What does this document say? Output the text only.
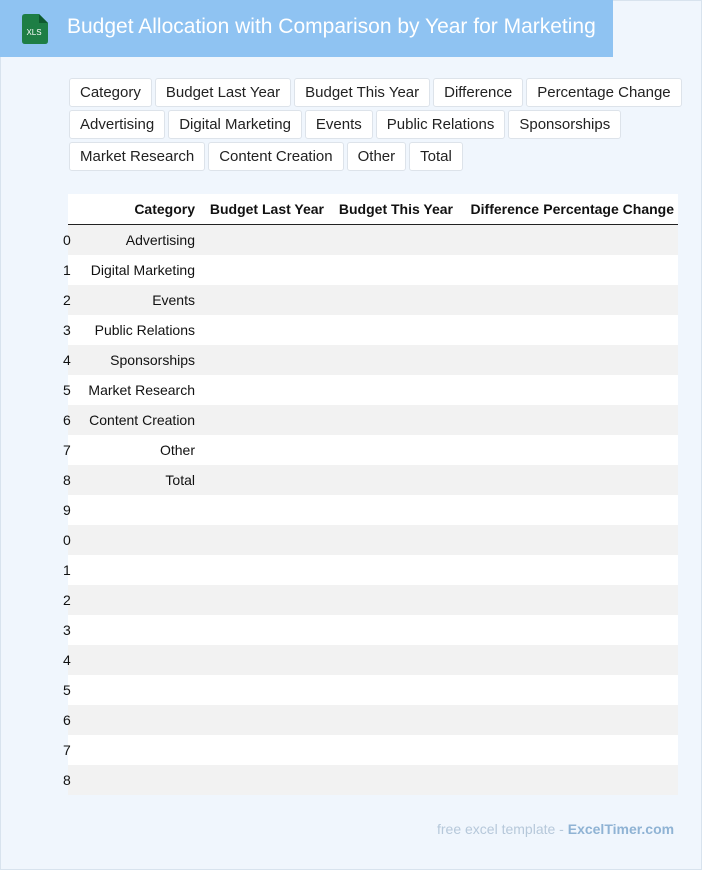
XLS Budget Allocation with Comparison by Year for Marketing
Category	Budget Last Year	Budget This Year	Difference	Percentage Change
Advertising	Digital Marketing	Events	Public Relations	Sponsorships
Market Research	Content Creation	Other	Total
	Category	Budget Last Year	Budget This Year	Difference	Percentage Change
0	Advertising				
1	Digital Marketing				
2	Events				
3	Public Relations				
4	Sponsorships				
5	Market Research				
6	Content Creation				
7	Other				
8	Total				
9					
0					
1					
2					
3					
4					
5					
6					
7					
8					
free excel template - ExcelTimer.com
